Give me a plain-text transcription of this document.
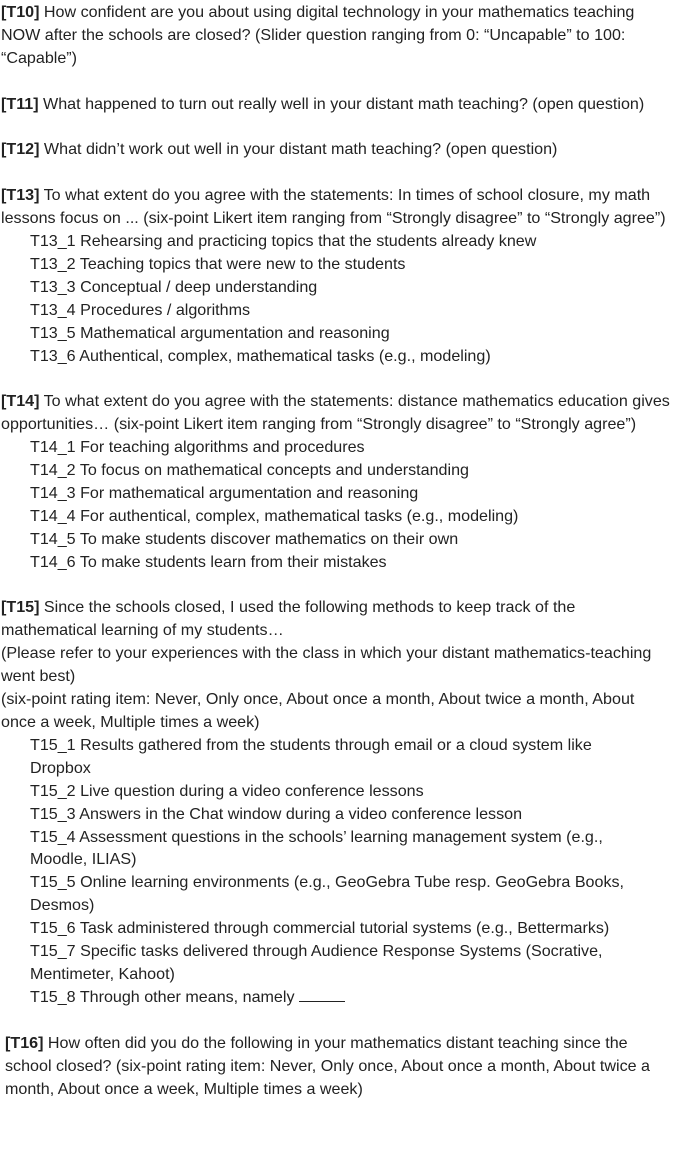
[T10] How confident are you about using digital technology in your mathematics teaching NOW after the schools are closed? (Slider question ranging from 0: “Uncapable” to 100: “Capable”)

[T11] What happened to turn out really well in your distant math teaching? (open question)

[T12] What didn’t work out well in your distant math teaching? (open question)

[T13] To what extent do you agree with the statements: In times of school closure, my math lessons focus on ... (six-point Likert item ranging from “Strongly disagree” to “Strongly agree”)

T13_1 Rehearsing and practicing topics that the students already knew
T13_2 Teaching topics that were new to the students
T13_3 Conceptual / deep understanding
T13_4 Procedures / algorithms
T13_5 Mathematical argumentation and reasoning
T13_6 Authentical, complex, mathematical tasks (e.g., modeling)

[T14] To what extent do you agree with the statements: distance mathematics education gives opportunities… (six-point Likert item ranging from “Strongly disagree” to “Strongly agree”)

T14_1 For teaching algorithms and procedures
T14_2 To focus on mathematical concepts and understanding
T14_3 For mathematical argumentation and reasoning
T14_4 For authentical, complex, mathematical tasks (e.g., modeling)
T14_5 To make students discover mathematics on their own
T14_6 To make students learn from their mistakes

[T15] Since the schools closed, I used the following methods to keep track of the mathematical learning of my students…

(Please refer to your experiences with the class in which your distant mathematics-teaching went best)

(six-point rating item: Never, Only once, About once a month, About twice a month, About once a week, Multiple times a week)

T15_1 Results gathered from the students through email or a cloud system like
Dropbox
T15_2 Live question during a video conference lessons
T15_3 Answers in the Chat window during a video conference lesson
T15_4 Assessment questions in the schools’ learning management system (e.g.,
Moodle, ILIAS)
T15_5 Online learning environments (e.g., GeoGebra Tube resp. GeoGebra Books,
Desmos)
T15_6 Task administered through commercial tutorial systems (e.g., Bettermarks)
T15_7 Specific tasks delivered through Audience Response Systems (Socrative,
Mentimeter, Kahoot)
T15_8 Through other means, namely

[T16] How often did you do the following in your mathematics distant teaching since the school closed? (six-point rating item: Never, Only once, About once a month, About twice a month, About once a week, Multiple times a week)
